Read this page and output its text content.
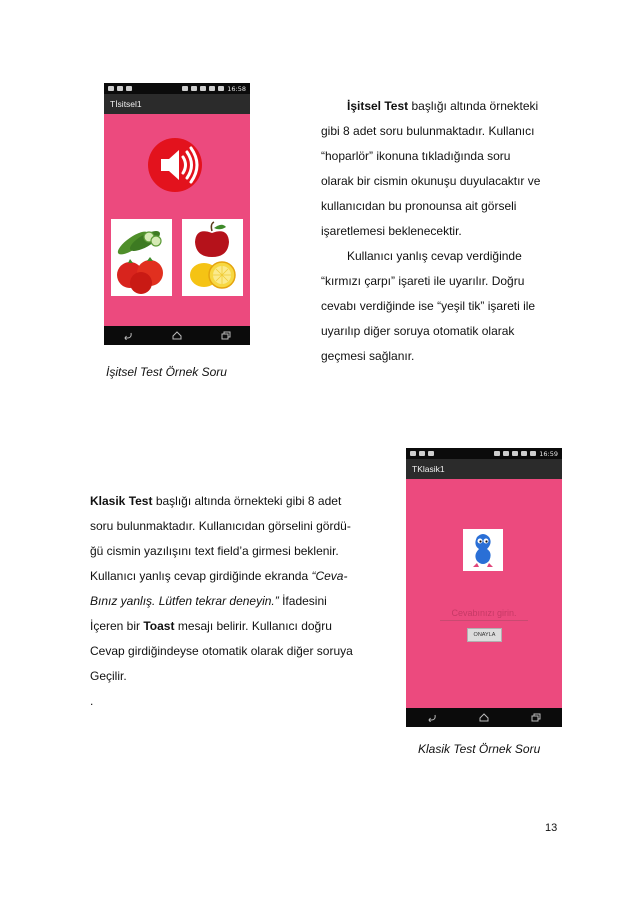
16:58
Tİsitsel1	İşitsel Test başlığı altında örnekteki

gibi 8 adet soru bulunmaktadır. Kullanıcı

“hoparlör” ikonuna tıkladığında soru

olarak bir cismin okunuşu duyulacaktır ve

kullanıcıdan bu pronounsa ait görseli

işaretlemesi beklenecektir.

Kullanıcı yanlış cevap verdiğinde

“kırmızı çarpı” işareti ile uyarılır. Doğru

cevabı verdiğinde ise “yeşil tik” işareti ile

uyarılıp diğer soruya otomatik olarak

geçmesi sağlanır.

İşitsel Test Örnek Soru
16:59
TKlasik1
Cevabınızı girin.
ONAYLA

Klasik Test başlığı altında örnekteki gibi 8 adet

soru bulunmaktadır. Kullanıcıdan görselini gördü-

ğü cismin yazılışını text field’a girmesi beklenir.

Kullanıcı yanlış cevap girdiğinde ekranda “Ceva-

Bınız yanlış. Lütfen tekrar deneyin.” İfadesini

İçeren bir Toast mesajı belirir. Kullanıcı doğru

Cevap girdiğindeyse otomatik olarak diğer soruya

Geçilir.

.

Klasik Test Örnek Soru
13
